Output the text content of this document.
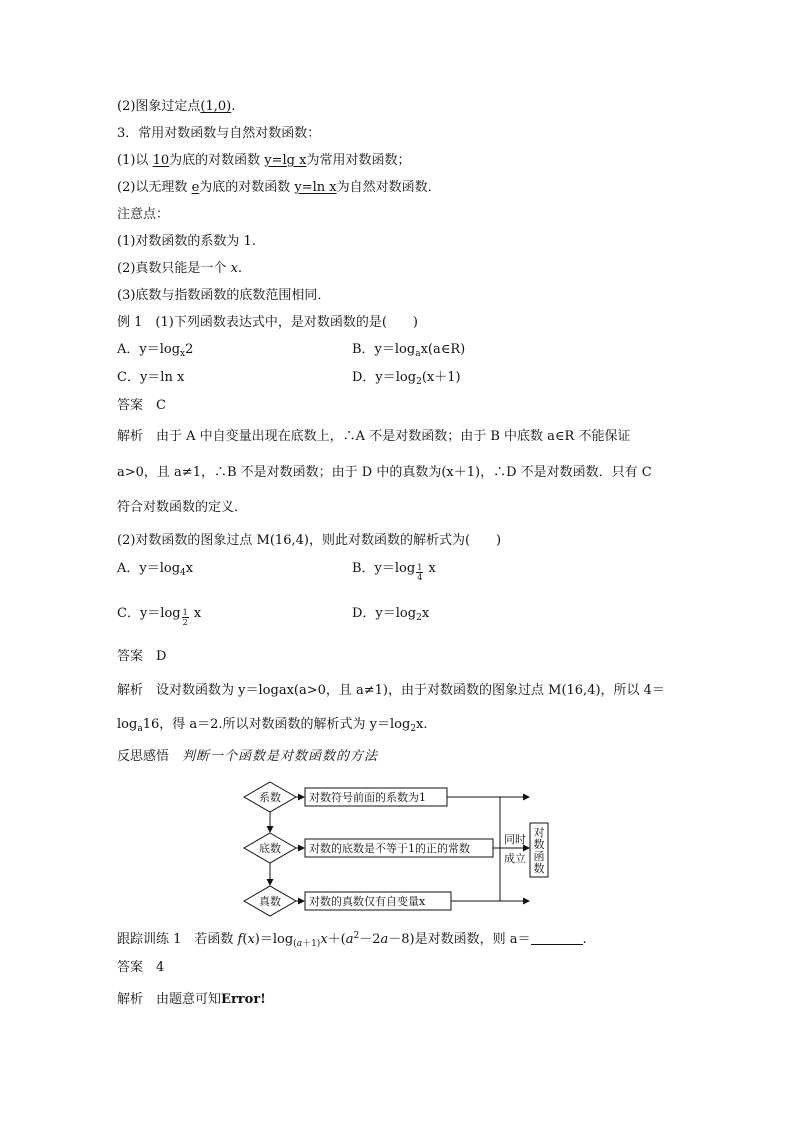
(2)图象过定点(1,0).
3．常用对数函数与自然对数函数：
(1)以 10为底的对数函数 y=lg x为常用对数函数；
(2)以无理数 e为底的对数函数 y=ln x为自然对数函数．
注意点：
(1)对数函数的系数为 1.
(2)真数只能是一个 x.
(3)底数与指数函数的底数范围相同．
例 1　(1)下列函数表达式中，是对数函数的是(　　)
A．$y=\log_x2$	B．$y=\log_ax(a\in R)$
C．y＝ln x	D．$y=\log_2(x+1)$
答案　 C
解析　 由于 A 中自变量出现在底数上，∴A 不是对数函数；由于 B 中底数 a∈R 不能保证
a>0，且 a≠1，∴B 不是对数函数；由于 D 中的真数为(x＋1)，∴D 不是对数函数．只有 C
符合对数函数的定义．
(2)对数函数的图象过点 M(16,4)，则此对数函数的解析式为(　　)
A．$y=\log_4x$	B．$y=\log \frac{1}{4}$ x
C．$y=\log \frac{1}{2}$ x	D．$y=\log_2x$
答案　 D
解析　 设对数函数为 y＝logax(a>0，且 a≠1)，由于对数函数的图象过点 M(16,4)，所以 4＝
$\log_a16$，得 a＝2.所以对数函数的解析式为 $y=\log_2x$.
反思感悟　 判断一个函数是对数函数的方法
系数
底数
真数
对数符号前面的系数为1
对数的底数是不等于1的正的常数
对数的真数仅有自变量x
同时
成立
对
数
函
数
跟踪训练 1　若函数 $f(x)=\log_{(a+1)}x+(a^2-2a-8)$是对数函数，则 a＝	.
答案　 4
解析　 由题意可知Error!
